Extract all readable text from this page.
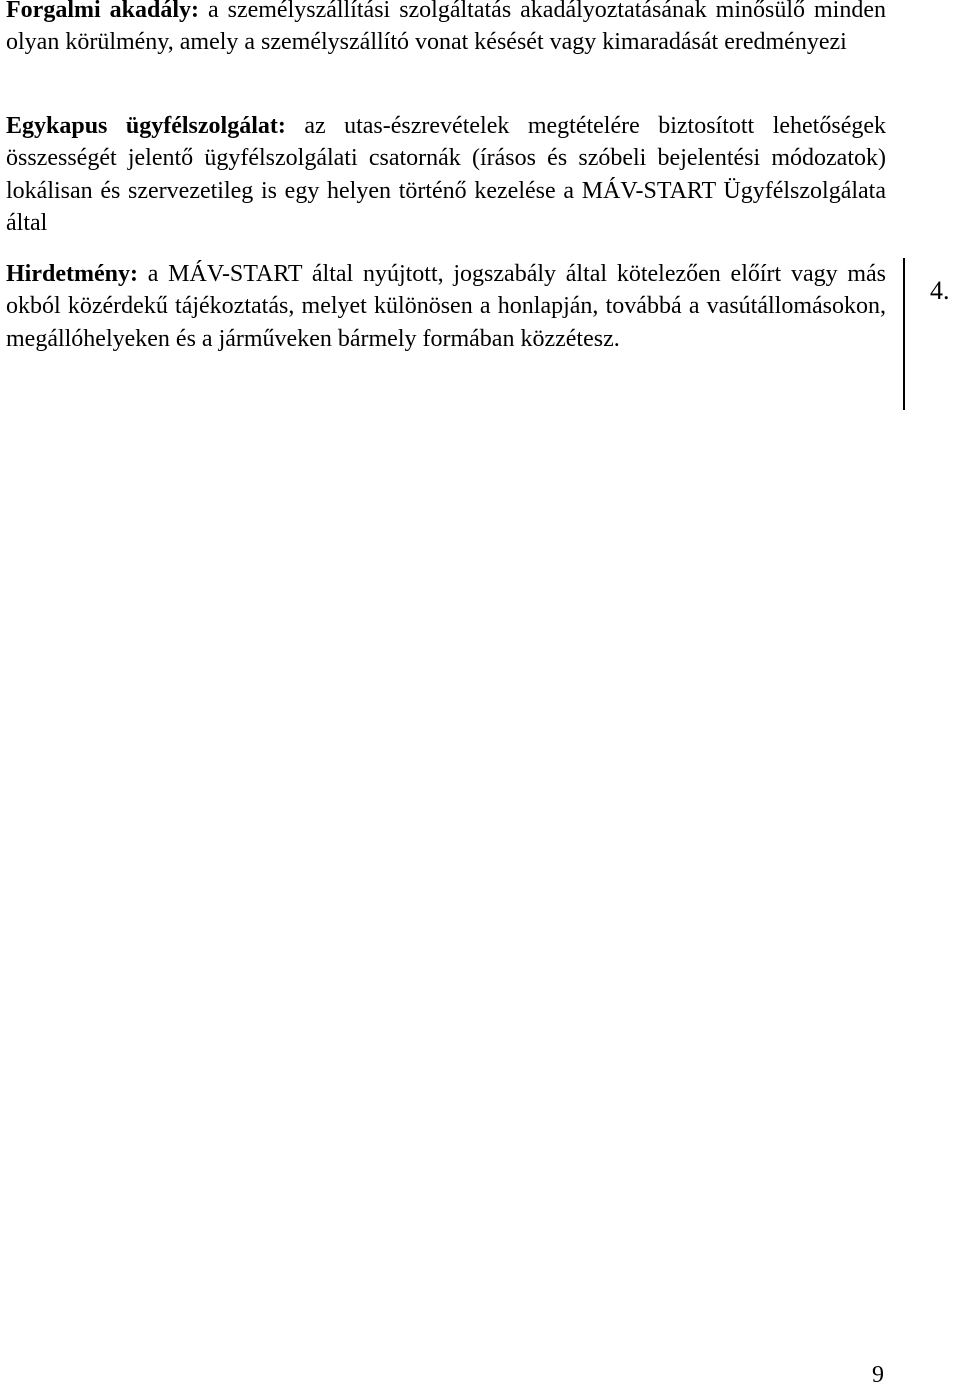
Forgalmi akadály: a személyszállítási szolgáltatás akadályoztatásának minősülő minden olyan körülmény, amely a személyszállító vonat késését vagy kimaradását eredményezi

Egykapus ügyfélszolgálat: az utas-észrevételek megtételére biztosított lehetőségek összességét jelentő ügyfélszolgálati csatornák (írásos és szóbeli bejelentési módozatok) lokálisan és szervezetileg is egy helyen történő kezelése a MÁV-START Ügyfélszolgálata által

Hirdetmény: a MÁV-START által nyújtott, jogszabály által kötelezően előírt vagy más okból közérdekű tájékoztatás, melyet különösen a honlapján, továbbá a vasútállomásokon, megállóhelyeken és a járműveken bármely formában közzétesz.

4.
9
